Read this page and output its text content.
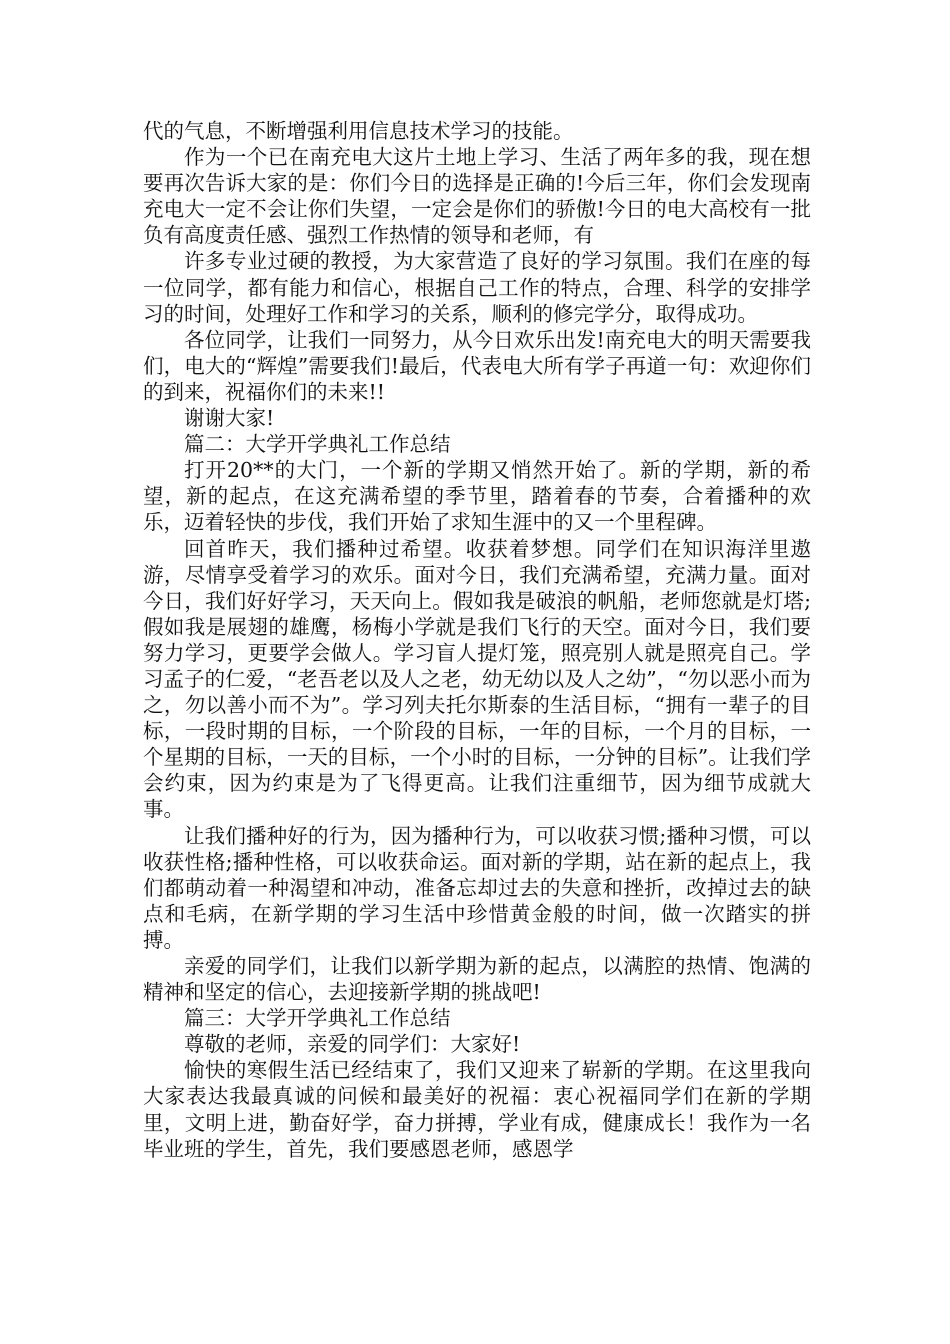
代的气息，不断增强利用信息技术学习的技能。

作为一个已在南充电大这片土地上学习、生活了两年多的我，现在想要再次告诉大家的是：你们今日的选择是正确的!今后三年，你们会发现南充电大一定不会让你们失望，一定会是你们的骄傲!今日的电大高校有一批负有高度责任感、强烈工作热情的领导和老师，有

许多专业过硬的教授，为大家营造了良好的学习氛围。我们在座的每一位同学，都有能力和信心，根据自己工作的特点，合理、科学的安排学习的时间，处理好工作和学习的关系，顺利的修完学分，取得成功。

各位同学，让我们一同努力，从今日欢乐出发!南充电大的明天需要我们，电大的“辉煌”需要我们!最后，代表电大所有学子再道一句：欢迎你们的到来，祝福你们的未来!!

谢谢大家!

篇二：大学开学典礼工作总结

打开20**的大门，一个新的学期又悄然开始了。新的学期，新的希望，新的起点，在这充满希望的季节里，踏着春的节奏，合着播种的欢乐，迈着轻快的步伐，我们开始了求知生涯中的又一个里程碑。

回首昨天，我们播种过希望。收获着梦想。同学们在知识海洋里遨游，尽情享受着学习的欢乐。面对今日，我们充满希望，充满力量。面对今日，我们好好学习，天天向上。假如我是破浪的帆船，老师您就是灯塔;假如我是展翅的雄鹰，杨梅小学就是我们飞行的天空。面对今日，我们要努力学习，更要学会做人。学习盲人提灯笼，照亮别人就是照亮自己。学习孟子的仁爱，“老吾老以及人之老，幼无幼以及人之幼”，“勿以恶小而为之，勿以善小而不为”。学习列夫托尔斯泰的生活目标，“拥有一辈子的目标，一段时期的目标，一个阶段的目标，一年的目标，一个月的目标，一个星期的目标，一天的目标，一个小时的目标，一分钟的目标”。让我们学会约束，因为约束是为了飞得更高。让我们注重细节，因为细节成就大事。

让我们播种好的行为，因为播种行为，可以收获习惯;播种习惯，可以收获性格;播种性格，可以收获命运。面对新的学期，站在新的起点上，我们都萌动着一种渴望和冲动，准备忘却过去的失意和挫折，改掉过去的缺点和毛病，在新学期的学习生活中珍惜黄金般的时间，做一次踏实的拼搏。

亲爱的同学们，让我们以新学期为新的起点，以满腔的热情、饱满的精神和坚定的信心，去迎接新学期的挑战吧!

篇三：大学开学典礼工作总结

尊敬的老师，亲爱的同学们：大家好!

愉快的寒假生活已经结束了，我们又迎来了崭新的学期。在这里我向大家表达我最真诚的问候和最美好的祝福：衷心祝福同学们在新的学期里，文明上进，勤奋好学，奋力拼搏，学业有成，健康成长！我作为一名毕业班的学生，首先，我们要感恩老师，感恩学
